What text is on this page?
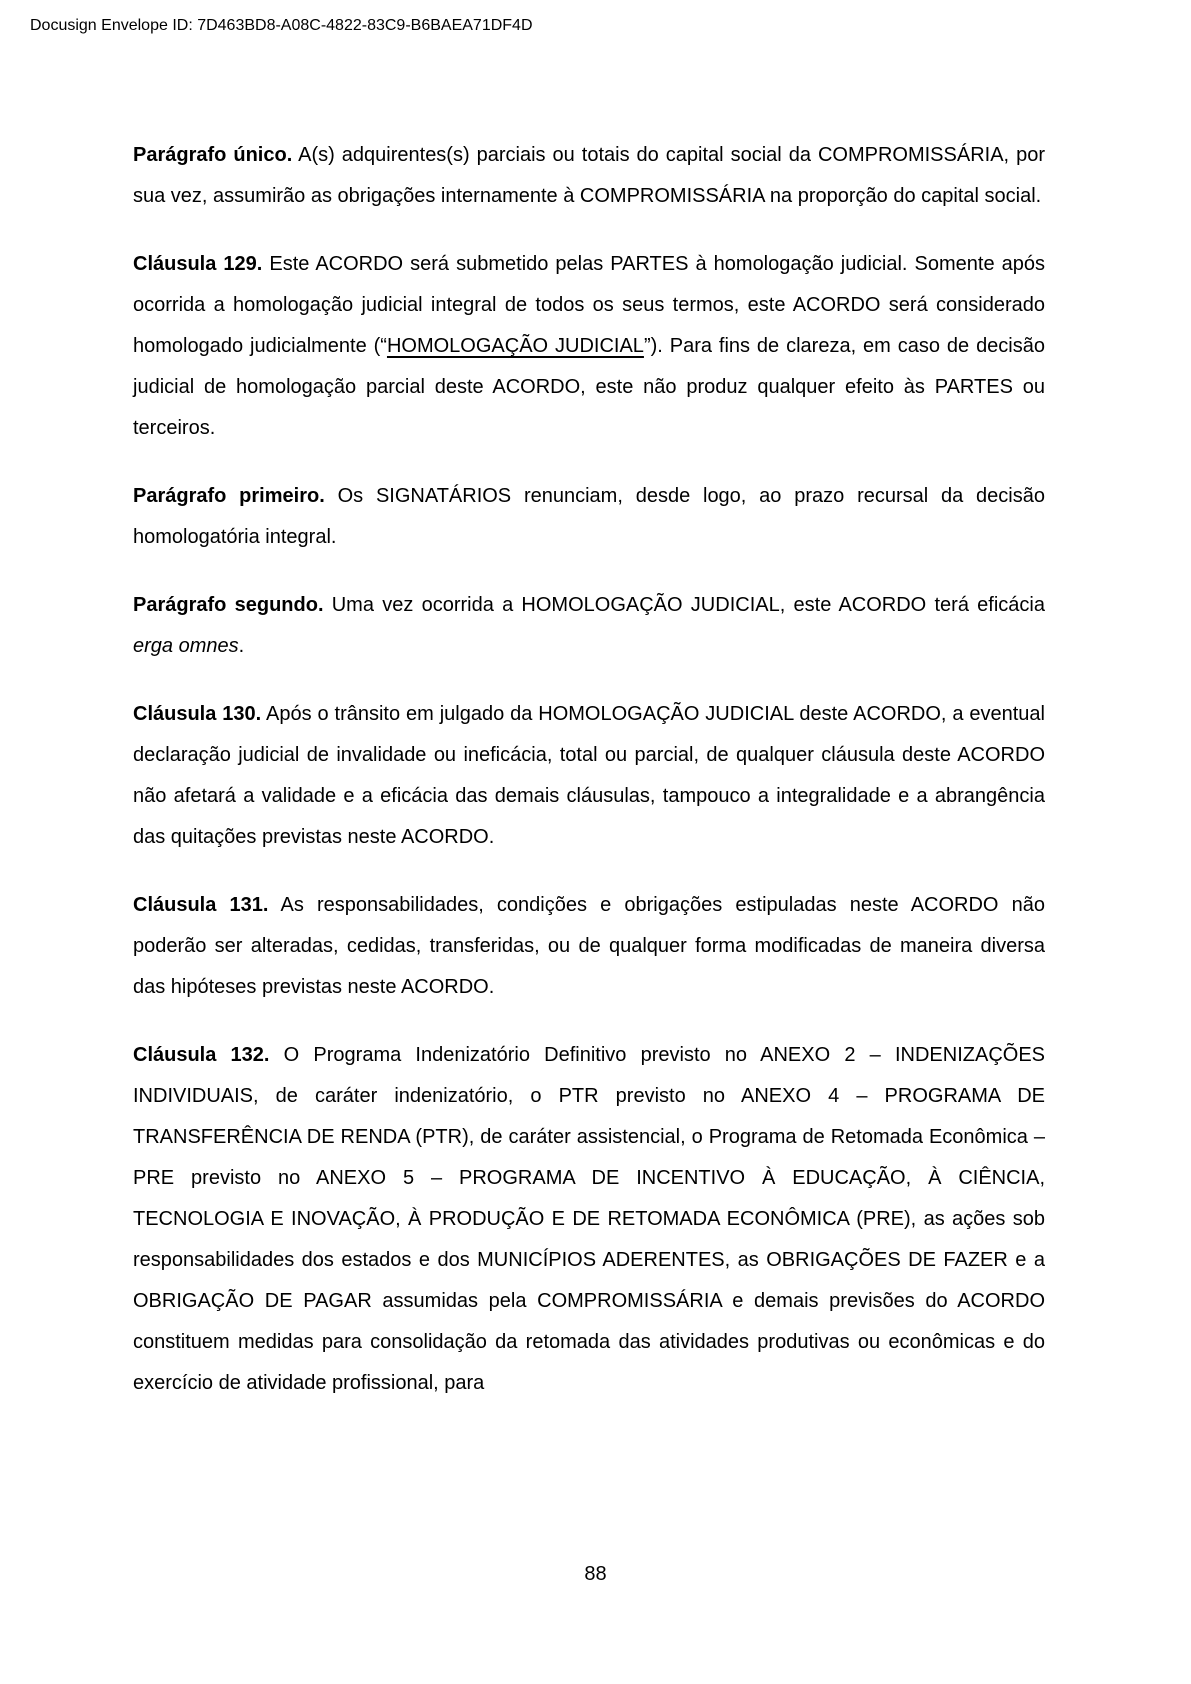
Docusign Envelope ID: 7D463BD8-A08C-4822-83C9-B6BAEA71DF4D

Parágrafo único. A(s) adquirentes(s) parciais ou totais do capital social da COMPROMISSÁRIA, por sua vez, assumirão as obrigações internamente à COMPROMISSÁRIA na proporção do capital social.

Cláusula 129. Este ACORDO será submetido pelas PARTES à homologação judicial. Somente após ocorrida a homologação judicial integral de todos os seus termos, este ACORDO será considerado homologado judicialmente (“HOMOLOGAÇÃO JUDICIAL”). Para fins de clareza, em caso de decisão judicial de homologação parcial deste ACORDO, este não produz qualquer efeito às PARTES ou terceiros.

Parágrafo primeiro. Os SIGNATÁRIOS renunciam, desde logo, ao prazo recursal da decisão homologatória integral.

Parágrafo segundo. Uma vez ocorrida a HOMOLOGAÇÃO JUDICIAL, este ACORDO terá eficácia erga omnes.

Cláusula 130. Após o trânsito em julgado da HOMOLOGAÇÃO JUDICIAL deste ACORDO, a eventual declaração judicial de invalidade ou ineficácia, total ou parcial, de qualquer cláusula deste ACORDO não afetará a validade e a eficácia das demais cláusulas, tampouco a integralidade e a abrangência das quitações previstas neste ACORDO.

Cláusula 131. As responsabilidades, condições e obrigações estipuladas neste ACORDO não poderão ser alteradas, cedidas, transferidas, ou de qualquer forma modificadas de maneira diversa das hipóteses previstas neste ACORDO.

Cláusula 132. O Programa Indenizatório Definitivo previsto no ANEXO 2 – INDENIZAÇÕES INDIVIDUAIS, de caráter indenizatório, o PTR previsto no ANEXO 4 – PROGRAMA DE TRANSFERÊNCIA DE RENDA (PTR), de caráter assistencial, o Programa de Retomada Econômica – PRE previsto no ANEXO 5 – PROGRAMA DE INCENTIVO À EDUCAÇÃO, À CIÊNCIA, TECNOLOGIA E INOVAÇÃO, À PRODUÇÃO E DE RETOMADA ECONÔMICA (PRE), as ações sob responsabilidades dos estados e dos MUNICÍPIOS ADERENTES, as OBRIGAÇÕES DE FAZER e a OBRIGAÇÃO DE PAGAR assumidas pela COMPROMISSÁRIA e demais previsões do ACORDO constituem medidas para consolidação da retomada das atividades produtivas ou econômicas e do exercício de atividade profissional, para

88
